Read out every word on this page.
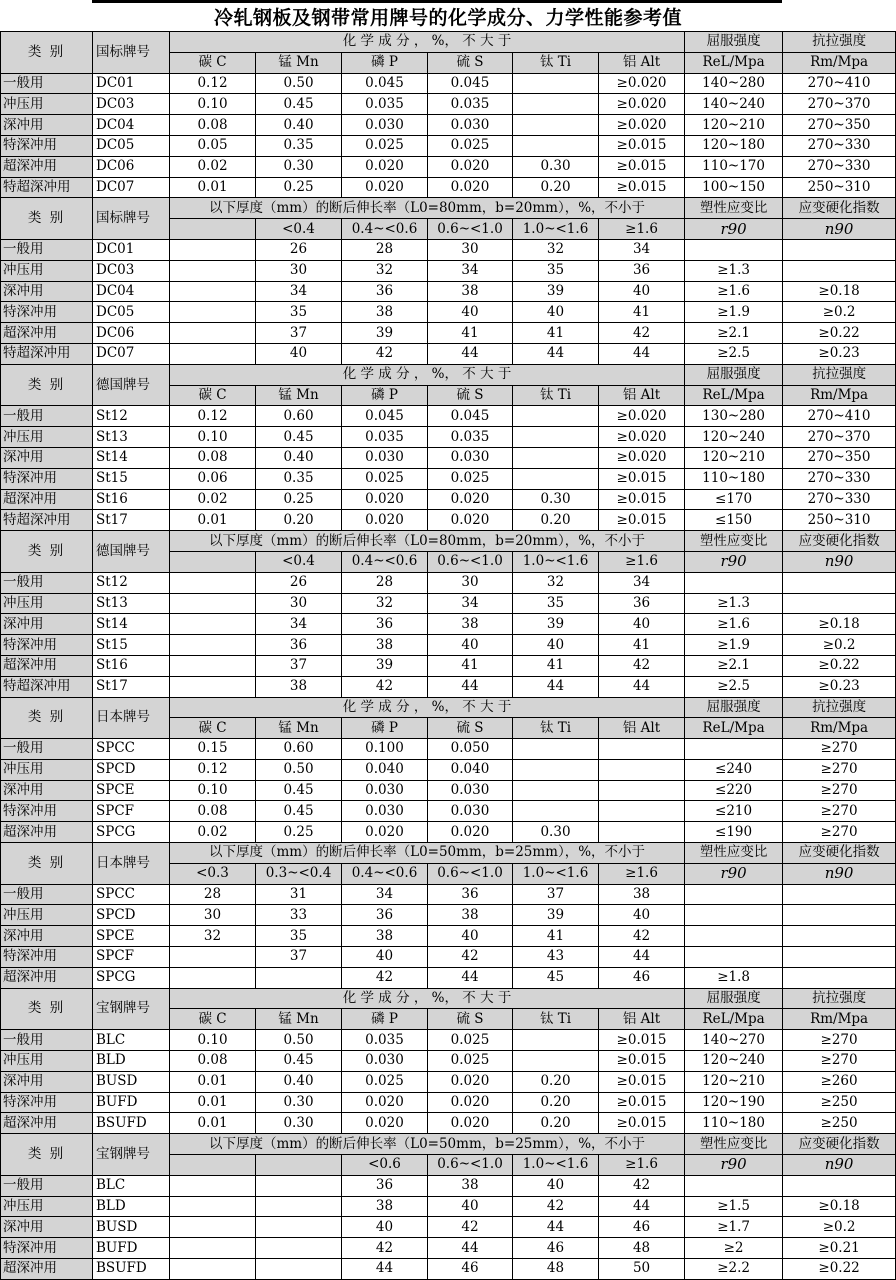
冷轧钢板及钢带常用牌号的化学成分、力学性能参考值
类 别	国标牌号	化 学 成 分 ， %， 不 大 于						屈服强度	抗拉强度
		碳 C	锰 Mn	磷 P	硫 S	钛 Ti	铝 Alt	ReL/Mpa	Rm/Mpa
一般用	DC01	0.12	0.50	0.045	0.045		≥0.020	140~280	270~410
冲压用	DC03	0.10	0.45	0.035	0.035		≥0.020	140~240	270~370
深冲用	DC04	0.08	0.40	0.030	0.030		≥0.020	120~210	270~350
特深冲用	DC05	0.05	0.35	0.025	0.025		≥0.015	120~180	270~330
超深冲用	DC06	0.02	0.30	0.020	0.020	0.30	≥0.015	110~170	270~330
特超深冲用	DC07	0.01	0.25	0.020	0.020	0.20	≥0.015	100~150	250~310
类 别	国标牌号	以下厚度（mm）的断后伸长率（L0=80mm，b=20mm），%，不小于						塑性应变比	应变硬化指数
			<0.4	0.4~<0.6	0.6~<1.0	1.0~<1.6	≥1.6	r90	n90
一般用	DC01		26	28	30	32	34		
冲压用	DC03		30	32	34	35	36	≥1.3	
深冲用	DC04		34	36	38	39	40	≥1.6	≥0.18
特深冲用	DC05		35	38	40	40	41	≥1.9	≥0.2
超深冲用	DC06		37	39	41	41	42	≥2.1	≥0.22
特超深冲用	DC07		40	42	44	44	44	≥2.5	≥0.23
类 别	德国牌号	化 学 成 分 ， %， 不 大 于						屈服强度	抗拉强度
		碳 C	锰 Mn	磷 P	硫 S	钛 Ti	铝 Alt	ReL/Mpa	Rm/Mpa
一般用	St12	0.12	0.60	0.045	0.045		≥0.020	130~280	270~410
冲压用	St13	0.10	0.45	0.035	0.035		≥0.020	120~240	270~370
深冲用	St14	0.08	0.40	0.030	0.030		≥0.020	120~210	270~350
特深冲用	St15	0.06	0.35	0.025	0.025		≥0.015	110~180	270~330
超深冲用	St16	0.02	0.25	0.020	0.020	0.30	≥0.015	≤170	270~330
特超深冲用	St17	0.01	0.20	0.020	0.020	0.20	≥0.015	≤150	250~310
类 别	德国牌号	以下厚度（mm）的断后伸长率（L0=80mm，b=20mm），%，不小于						塑性应变比	应变硬化指数
			<0.4	0.4~<0.6	0.6~<1.0	1.0~<1.6	≥1.6	r90	n90
一般用	St12		26	28	30	32	34		
冲压用	St13		30	32	34	35	36	≥1.3	
深冲用	St14		34	36	38	39	40	≥1.6	≥0.18
特深冲用	St15		36	38	40	40	41	≥1.9	≥0.2
超深冲用	St16		37	39	41	41	42	≥2.1	≥0.22
特超深冲用	St17		38	42	44	44	44	≥2.5	≥0.23
类 别	日本牌号	化 学 成 分 ， %， 不 大 于						屈服强度	抗拉强度
		碳 C	锰 Mn	磷 P	硫 S	钛 Ti	铝 Alt	ReL/Mpa	Rm/Mpa
一般用	SPCC	0.15	0.60	0.100	0.050				≥270
冲压用	SPCD	0.12	0.50	0.040	0.040			≤240	≥270
深冲用	SPCE	0.10	0.45	0.030	0.030			≤220	≥270
特深冲用	SPCF	0.08	0.45	0.030	0.030			≤210	≥270
超深冲用	SPCG	0.02	0.25	0.020	0.020	0.30		≤190	≥270
类 别	日本牌号	以下厚度（mm）的断后伸长率（L0=50mm，b=25mm），%，不小于						塑性应变比	应变硬化指数
		<0.3	0.3~<0.4	0.4~<0.6	0.6~<1.0	1.0~<1.6	≥1.6	r90	n90
一般用	SPCC	28	31	34	36	37	38		
冲压用	SPCD	30	33	36	38	39	40		
深冲用	SPCE	32	35	38	40	41	42		
特深冲用	SPCF		37	40	42	43	44		
超深冲用	SPCG			42	44	45	46	≥1.8	
类 别	宝钢牌号	化 学 成 分 ， %， 不 大 于						屈服强度	抗拉强度
		碳 C	锰 Mn	磷 P	硫 S	钛 Ti	铝 Alt	ReL/Mpa	Rm/Mpa
一般用	BLC	0.10	0.50	0.035	0.025		≥0.015	140~270	≥270
冲压用	BLD	0.08	0.45	0.030	0.025		≥0.015	120~240	≥270
深冲用	BUSD	0.01	0.40	0.025	0.020	0.20	≥0.015	120~210	≥260
特深冲用	BUFD	0.01	0.30	0.020	0.020	0.20	≥0.015	120~190	≥250
超深冲用	BSUFD	0.01	0.30	0.020	0.020	0.20	≥0.015	110~180	≥250
类 别	宝钢牌号	以下厚度（mm）的断后伸长率（L0=50mm，b=25mm），%，不小于						塑性应变比	应变硬化指数
				<0.6	0.6~<1.0	1.0~<1.6	≥1.6	r90	n90
一般用	BLC			36	38	40	42		
冲压用	BLD			38	40	42	44	≥1.5	≥0.18
深冲用	BUSD			40	42	44	46	≥1.7	≥0.2
特深冲用	BUFD			42	44	46	48	≥2	≥0.21
超深冲用	BSUFD			44	46	48	50	≥2.2	≥0.22
